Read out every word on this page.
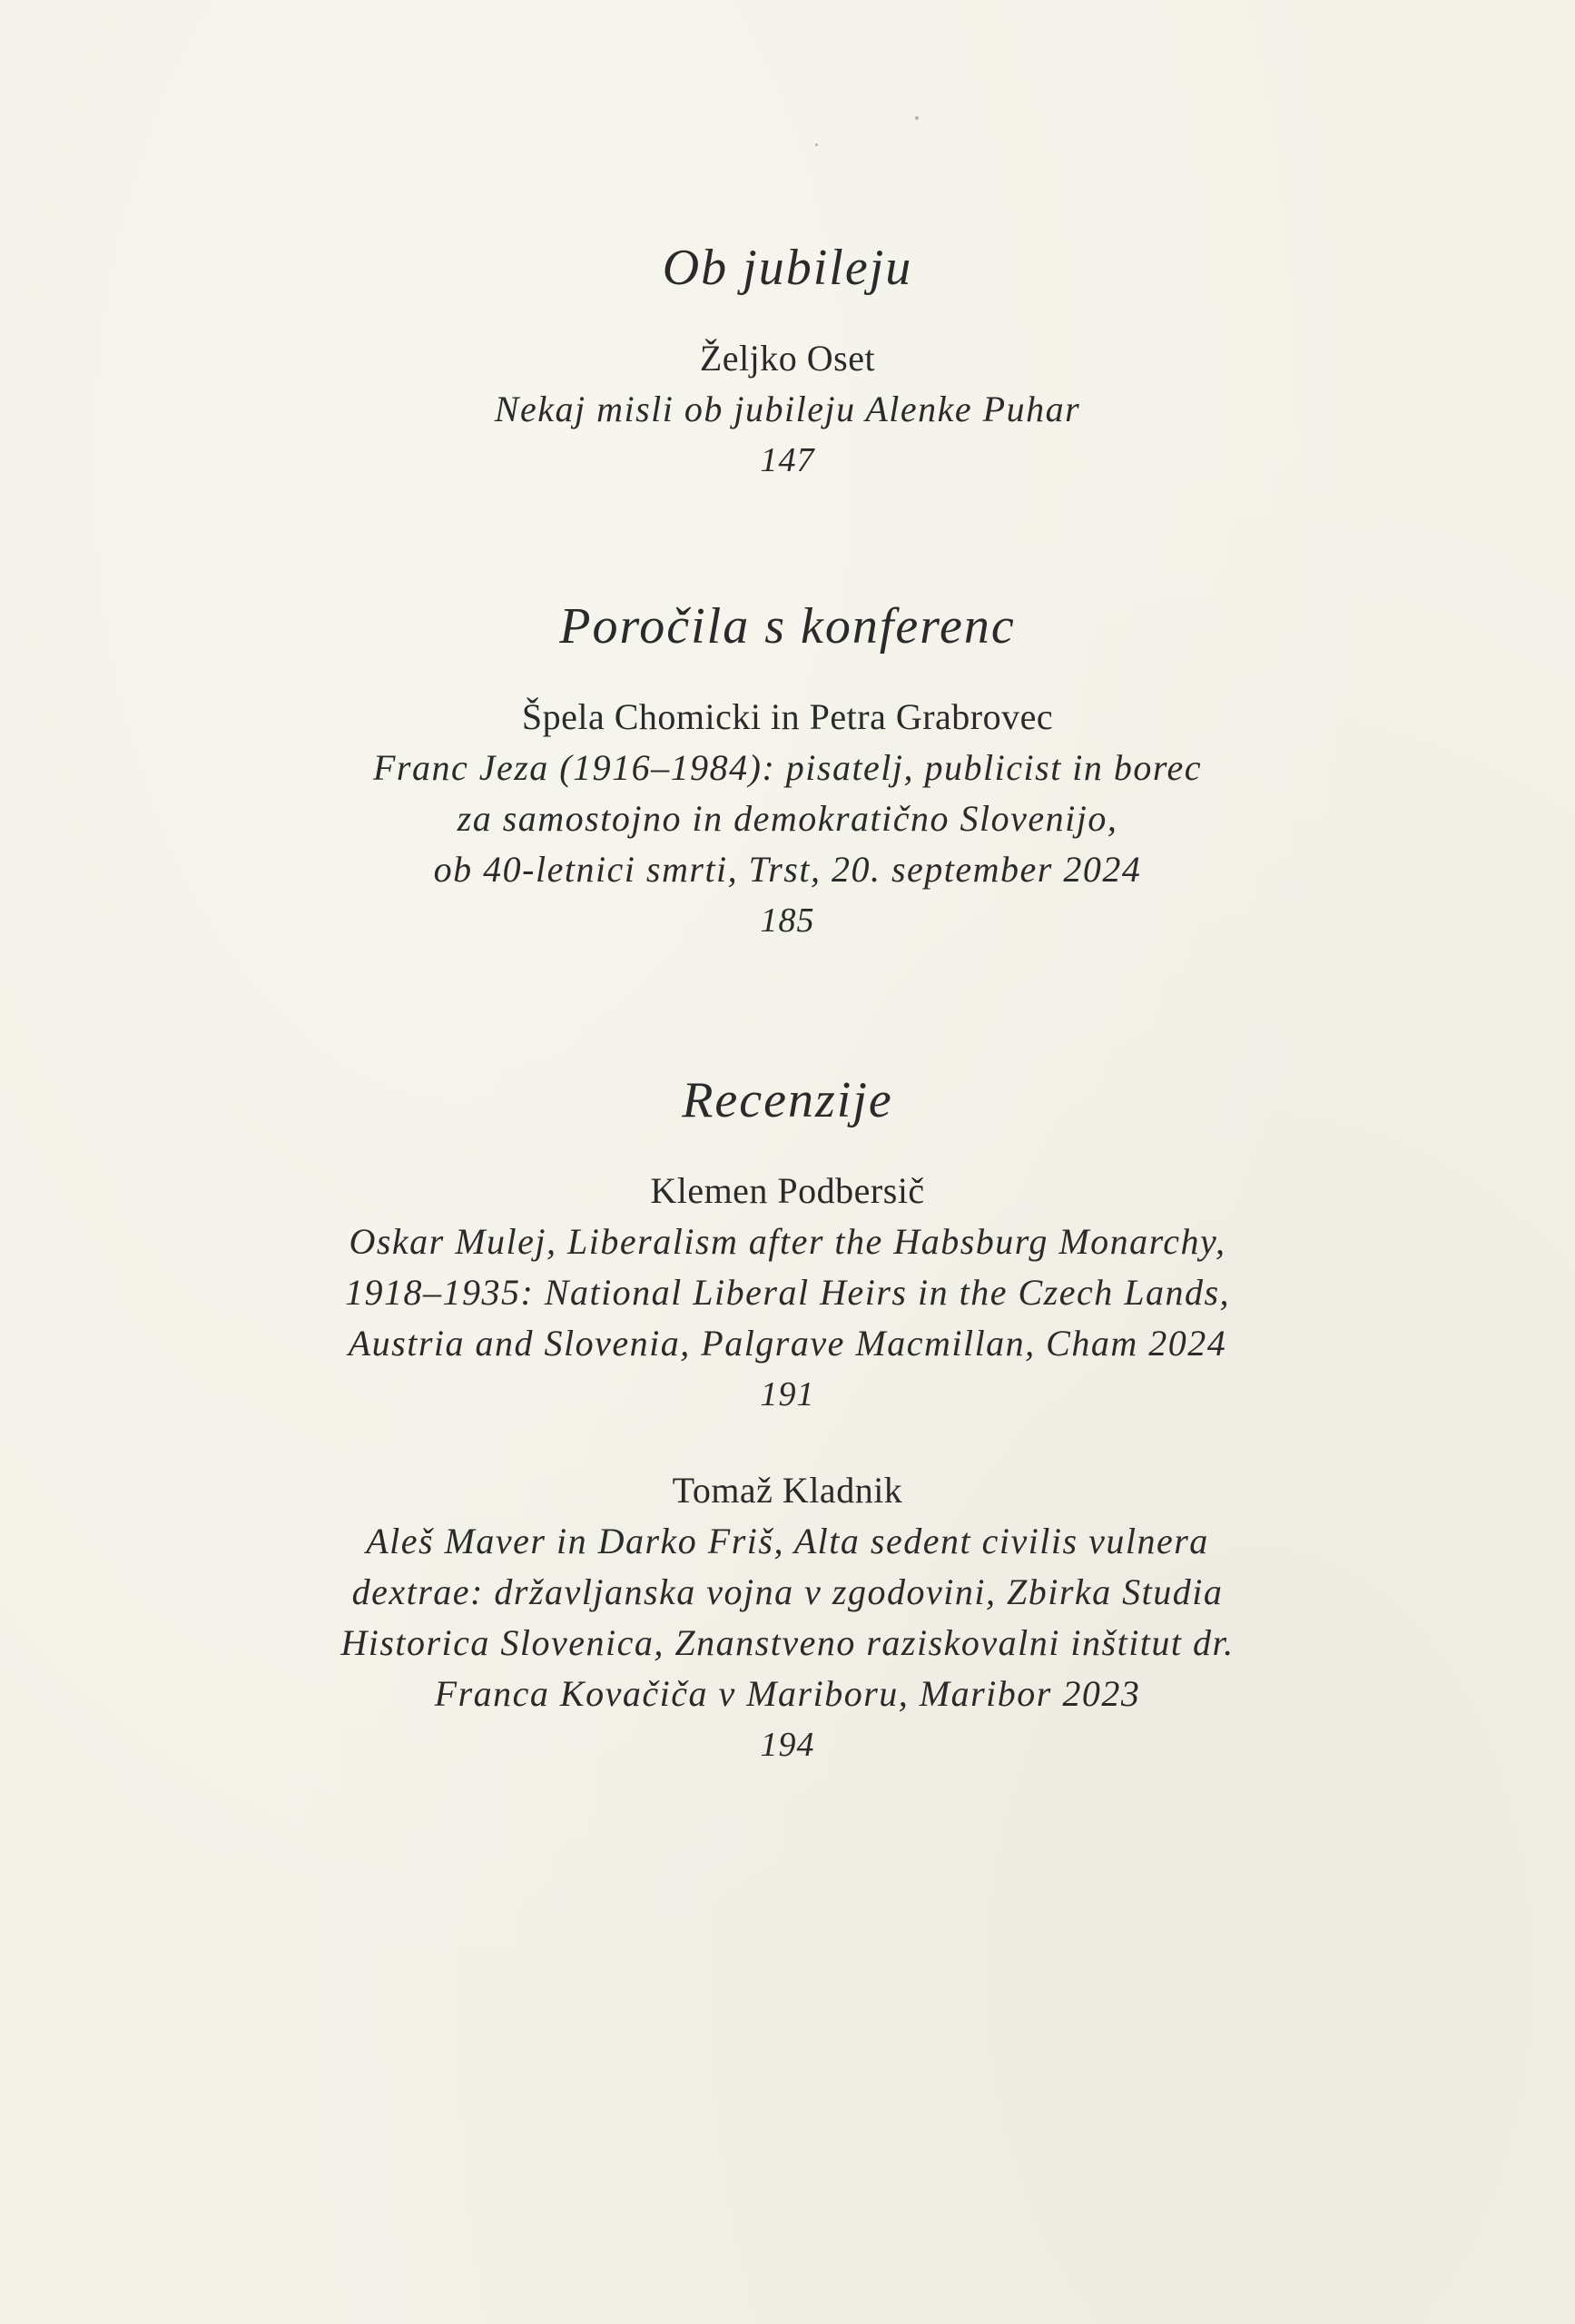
Ob jubileju

Željko Oset

Nekaj misli ob jubileju Alenke Puhar

147

Poročila s konferenc

Špela Chomicki in Petra Grabrovec

Franc Jeza (1916–1984): pisatelj, publicist in borec
za samostojno in demokratično Slovenijo,
ob 40-letnici smrti, Trst, 20. september 2024

185

Recenzije

Klemen Podbersič

Oskar Mulej, Liberalism after the Habsburg Monarchy,
1918–1935: National Liberal Heirs in the Czech Lands,
Austria and Slovenia, Palgrave Macmillan, Cham 2024

191

Tomaž Kladnik

Aleš Maver in Darko Friš, Alta sedent civilis vulnera
dextrae: državljanska vojna v zgodovini, Zbirka Studia
Historica Slovenica, Znanstveno raziskovalni inštitut dr.
Franca Kovačiča v Mariboru, Maribor 2023

194
